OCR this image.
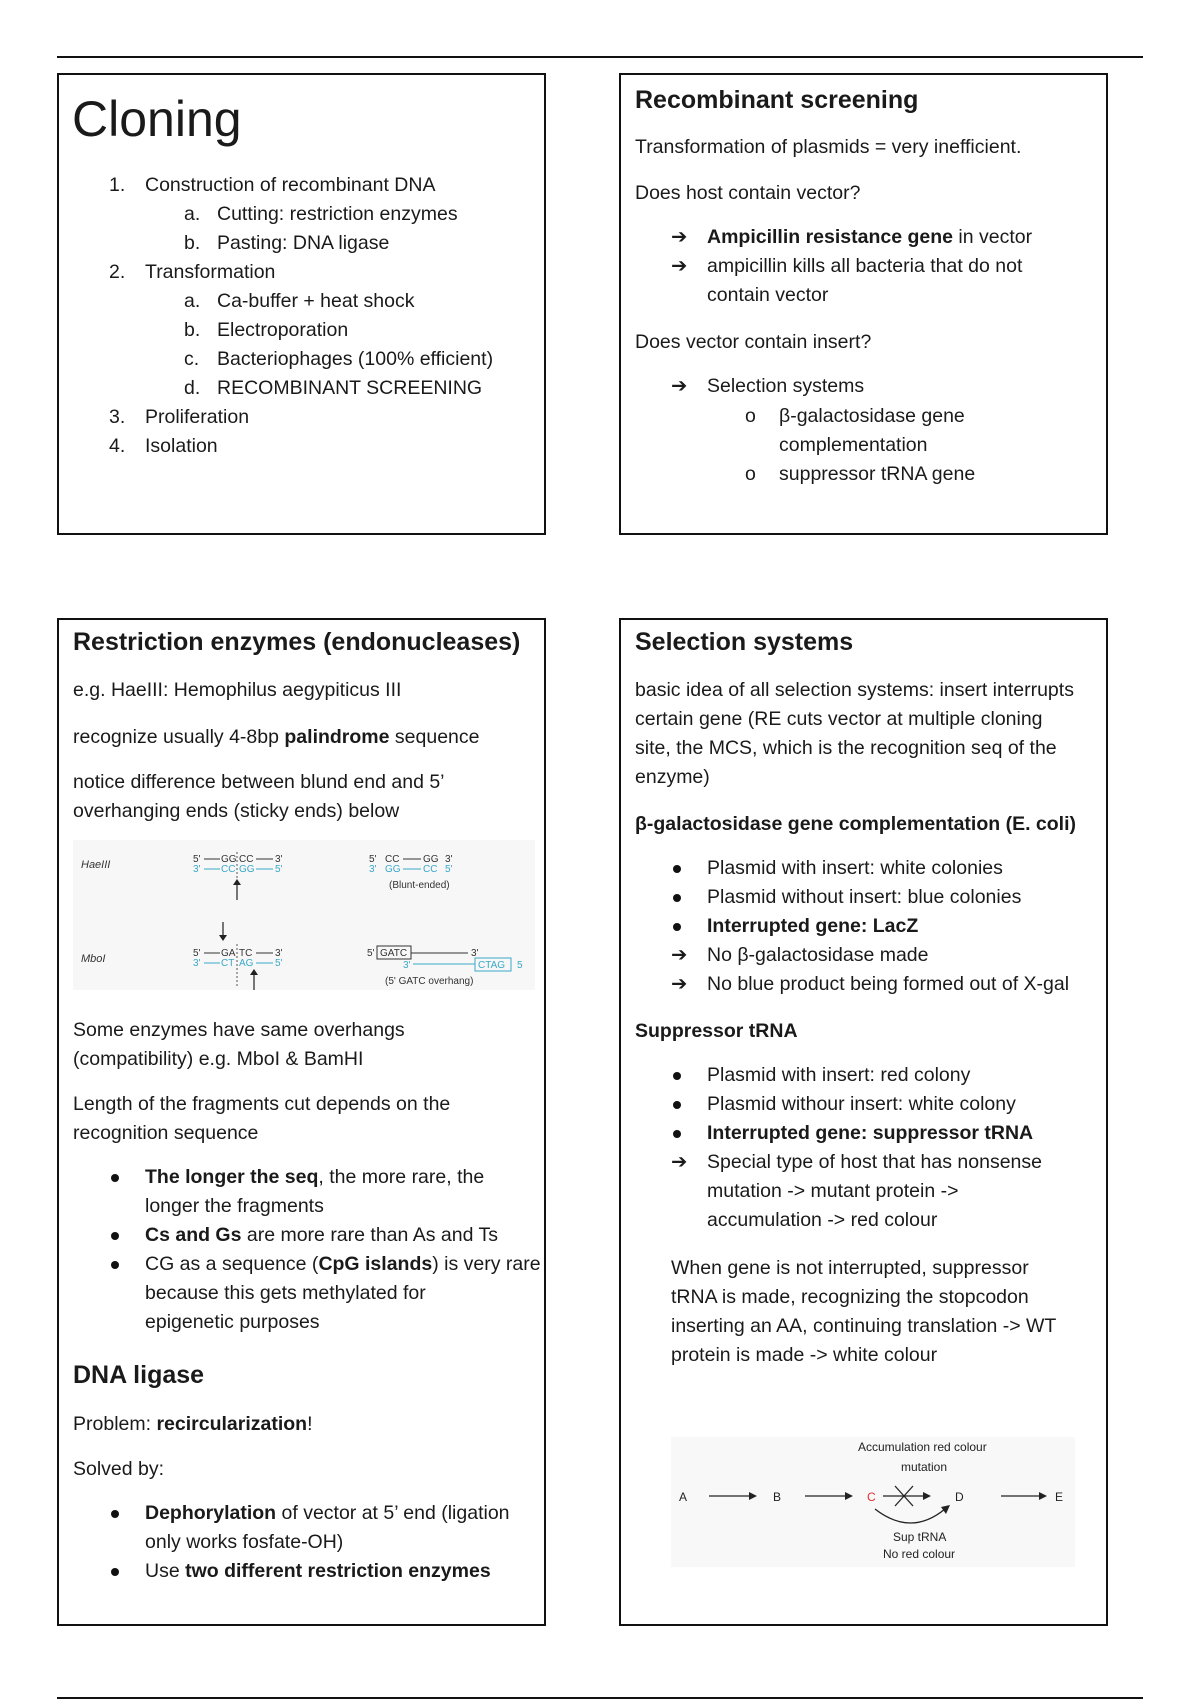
Cloning
1. Construction of recombinant DNA
a. Cutting: restriction enzymes
b. Pasting: DNA ligase
2. Transformation
a. Ca-buffer + heat shock
b. Electroporation
c. Bacteriophages (100% efficient)
d. RECOMBINANT SCREENING
3. Proliferation
4. Isolation
Recombinant screening
Transformation of plasmids = very inefficient.
Does host contain vector?
➔ Ampicillin resistance gene in vector
➔ ampicillin kills all bacteria that do not
contain vector
Does vector contain insert?
➔ Selection systems
o β-galactosidase gene
complementation
o suppressor tRNA gene
Restriction enzymes (endonucleases)
e.g. HaeIII: Hemophilus aegypiticus III
recognize usually 4-8bp palindrome sequence
notice difference between blund end and 5’
overhanging ends (sticky ends) below
HaeIII	5'
3'
GG CC
CC GG
3'
5'
5'
3'
CC
GG
GG
CC
3'
5'
(Blunt-ended)
MboI	5'
3'
GA TC
CT AG
3'
5'
5' GATC	3'
3'	CTAG 5
(5' GATC overhang)
Some enzymes have same overhangs
(compatibility) e.g. MboI & BamHI
Length of the fragments cut depends on the
recognition sequence
The longer the seq, the more rare, the
longer the fragments
Cs and Gs are more rare than As and Ts
CG as a sequence (CpG islands) is very rare
because this gets methylated for
epigenetic purposes
DNA ligase
Problem: recircularization!
Solved by:
Dephorylation of vector at 5’ end (ligation
only works fosfate-OH)
Use two different restriction enzymes
Selection systems
basic idea of all selection systems: insert interrupts
certain gene (RE cuts vector at multiple cloning
site, the MCS, which is the recognition seq of the
enzyme)
β-galactosidase gene complementation (E. coli)
Plasmid with insert: white colonies
Plasmid without insert: blue colonies
Interrupted gene: LacZ
➔ No β-galactosidase made
➔ No blue product being formed out of X-gal
Suppressor tRNA
Plasmid with insert: red colony
Plasmid withour insert: white colony
Interrupted gene: suppressor tRNA
➔ Special type of host that has nonsense
mutation -> mutant protein ->
accumulation -> red colour
When gene is not interrupted, suppressor
tRNA is made, recognizing the stopcodon
inserting an AA, continuing translation -> WT
protein is made -> white colour
Accumulation red colour
mutation
A	B	C	D	E
Sup tRNA
No red colour
